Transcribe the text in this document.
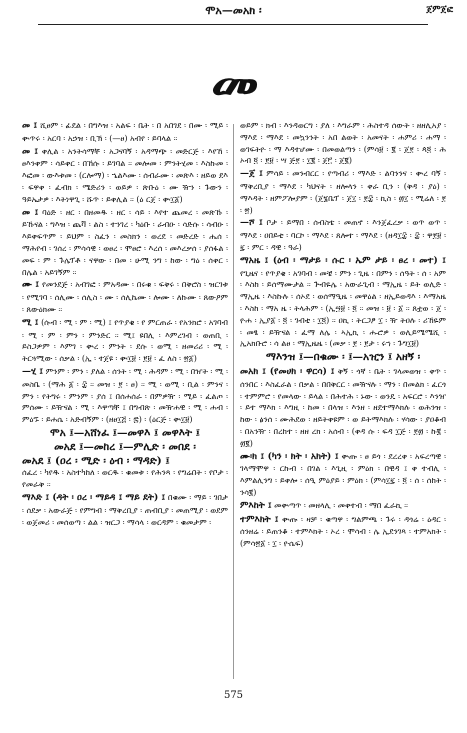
ሞአ—መአክ ፡	ጀምጀፎ
መ
መ ፤ ሺፀም ፡ ፊደል ፡ በግእዝ ፡ አልፍ ፡ ቤት ፡ በ አበገደ ፡ በሙ ፡ ሚይ ፡ ቍጥሩ ፡ አርባ ፡ አኃዝ ፡ ቢኽ ፡ (—ፀ) አብየ ፡ ይባላል ።
መ ፤ ቀሊል ፡ አንትሳማቸ ፡ አጋናባኝ ፡ አዳማጭ ፡ መድርጅ ፡ እየኸ ፡ ፀእንቀም ፡ ሳይቀር ፡ በኸሱ ፡ ይገባል ። መሎመ ፡ ምንትሂመ ፡ እስኩመ ፡ እፎመ ፡ ውእቱመ ፡ (ርሎማ) ፡ ኄልእሙ ፡ ሰብራሙ ፡ መጽእ ፡ ዘይወ ደእ ፡ ፍዋቀ ፡ ፈብክ ፡ ሜድሪን ፡ ወይዎ ፡ ጽቡዕ ፡ ሙ ዥን ፡ ጉውን ፡ ዓይኤታዎ ፡ እትነዋጊ ፡ ሹጥ ፡ ይቀሊል ። (ዕ ርጀ ፡ ቍ፲፩)
መ ፤ ባዕድ ፡ ዘር ፡ በዘመዱ ፡ ዘር ፡ ሳይ ፡ እየተ ጨመረ ፡ መጽኹ ፡ ይኹናል ፡ ግእዝ ፡ ጨቫ ፡ ልስ ፡ ተንገረ ፡ ካዕቡ ፡ ራብዑ ፡ ሳድሱ ፡ ሳብዑ ፡ እይቀፍጥም ፡ ይህም ፡ ስፈን ፡ መስክን ፡ ወረደ ፡ መድረድ ፡ ሔሰ ፡ ማሕየብ ፡ ገሰረ ፡ ምሳሳዊ ፡ ወፀረ ፡ ሞፀሮ ፡ እረሰ ፡ መእረቃሰ ፡ ያሰፋል ፡ መፍ ፡ ም ፡ ጉሌፕቶ ፡ ናዋው ፡ በመ ፡ ሁሚ ንግ ፡ ከው ፡ ግዕ ፡ ሰቀር ፡ በሌል ፡ አይገኝም ።
ሙ ፤ የመንደጅ ፡ አብገፎ ፡ ምአዳሙ ፡ በሩቁ ፡ ፍቅሩ ፡ በቅሮስ ፡ ዝርገቱ ፡ የሚገባ ፡ ሰሊሙ ፡ ሰሊስ ፡ ሙ ፡ ሰሊኬሙ ፡ ሎሙ ፡ ለኩሙ ፡ ጸውዖም ፡ ጸውዕክሙ ።
ሚ ፤ (ሱብ ፡ ሚ ፡ ም ፡ ሚ) ፤ የጥያቄ ፡ የ ምርጠራ ፡ የአንክሮ ፡ አገባብ ፡ ሚ ፡ ም ፡ ምን ፡ ምንድር ። ሚ፤ ዩበሊ ፡ እምረገብ ፡ ወጠቢ ፡ ይስጋዎም ፡ እምገ ፡ ቍረ ፡ ምንት ፡ ደሱ ፡ ወሚ ፡ ዘመሪሪ ፡ ሚ ፡ ትርጓሚው ፡ ሰቃል ፡ (ኢ ፡ ተጀዩ ፡ ቍ፲፱ ፡ ፻፱ ፡ ፈ ለስ ፡ ፳፩)
—ሂ ፤ ምንም ፡ ምን ፡ ያለል ፡ ሰንት ፡ ሚ ፡ ሕዳም ፡ ሚ ፡ በዠት ፡ ሚ ፡ መስቤ ፡ (ማሕ ፩ ፡ ፰ ። መዝ ፡ ፻ ፡ ፀ) ። ሚ ፡ ወሚ ፡ ቢል ፡ ምንና ፡ ምን ፡ የትግሩ ፡ ምንም ፡ ያሰ ፤ በሰሐሰራ ፡ በምዎዥ ፡ ሚይ ፡ ፈልጦ ፡ ምሰሙ ፡ ይዥናል ፡ ሚ ፡ እዋጣቸ ፤ በግብጽ ፡ መዥሐዊ ፡ ሚ ፡ ሐብ ፡ ምዕኙ ፡ ይሐሴ ፡ አድብኝም ፡ (ዘፀ፲፭ ፡ ፷) ፡ (ዕርጅ ፡ ቍ፲፱)
ሞአ ፤—አሸነፈ ፤—መዋእ ፤ መዋእት ፤
መአደ ፤—መከረ ፤—ምሊድ ፡ መበደ ፡
መአደ ፤ (ዐረ ፡ ሚድ ፡ ዕብ ፡ ማዳድ) ፤
ሰፈረ ፡ ካየዱ ፡ አስተካከለ ፡ ወርዱ ፡ ቁመቱ ፡ የሕንጻ ፡ የግሬበት ፡ የቦታ ፡ የመራቅ ።
ማእድ ፤ (ዳት ፡ ዐረ ፡ ማይዳ ፤ ማይ ደት) ፤ በቁሙ ፡ ማይ ፡ ገበታ ፡ ሰደቃ ፡ አውራጅ ፡ የምግብ ፡ ማቅረቢያ ፡ ጠብቢያ ፡ መጠሚያ ፡ ወደም ፡ ወጀመሪ ፡ መሰወጣ ፡ ልል ፡ ዝርጋ ፡ ማሳላ ፡ ወርዳም ፡ ቁመታም ፡
ወይም ፡ ክብ ፡ እንዳወርግ ፡ ያለ ፡ እግራም ፡ ሕስተዳ ሰውት ፡ ዘዘሊአያ ፡ ማእደ ፡ ማእደ ፡ መኳንንት ፡ አበ ልወት ፡ አመናት ፡ ሐምሪ ፡ ሐማ ፡ ወገፍትዮ ፡ ማ እዳተሆሙ ፡ በመወልጣን ፡ (ምሳ፱ ፡ ፪ ፡ ጀ፻ ፡ ጳ፬ ፡ ሕ ኦብ ፬ ፡ ፻፱ ፡ ሣ ጅ፻ ፡ ፲፪ ፡ ጀ፫ ፡ ጀ፪)
—ጀ ፤ ምሳይ ፡ መንብርር ፡ የጣብሪ ፡ ማእድ ፡ ልባንንና ፡ ቍረ ባኝ ፡ ማቅረቢያ ፡ ማእደ ፡ ካህናት ፡ ዘሎላን ፡ ቀራ ቢን ፡ (ቅዳ ፡ ያዕ) ፡ ማእዳት ፡ ዘምፖሎያም ፡ (ጀ፮ቤፕ ፡ ጀ፲ ፡ ፻፰ ፡ ኪስ ፡ ፴፲ ፡ ሚሬለ ፡ ፻ ፡ ፳)
—ሾ ፤ ቦታ ፡ ይማበ ፡ ሰብስቴ ፡ መጠኖ ፡ እንጀፈረቃ ፡ ወጥ ወጥ ፡ ማእደ ፡ ዐበይቲ ፡ ባርኮ ፡ ማእደ ፡ ጸሎተ ፡ ማእደ ፡ (ዘዳ፲፰ ፡ ፰ ፡ ዋ፻፱ ፡ ፯ ፡ ምር ፡ ዳዊ ፡ ዓራ)
ማአዜ ፤ (ዕብ ፡ ማታይ ፡ ሱር ፡ ኤም ታይ ፡ ፀረ ፡ መተ) ፤ የጊዜና ፡ የጥያቄ ፡ አገባብ ፡ መቼ ፡ ምን ፡ ጊዜ ፡ በምን ፡ ሰዓት ፡ ሰ ፡ አም ፡ እስከ ፡ ይሰማሙታል ። ጕብዬሌ ፡ አውራጊብ ፡ ማኢዜ ፡ ይት ወሊድ ፡ ማኢዜ ፡ እስኩሉ ፡ ሰኦደ ፡ ወሰማዒዜ ፡ መዋዕል ፡ ዘኢይወዳእ ፡ እማአዜ ፡ እስከ ፡ ማአ ዜ ፡ ትላሕም ፡ (ኢ፵፱ ፡ ፬ ። መዝ ፡ ፱ ፡ ፩ ። ጸቷወ ፡ ጀ ፡ ዮሐ ፡ ኢያ፩ ፡ ፬ ፡ ገብቲ ፡ ፲፬) ። ዐኪ ፡ ትርጋፆ ፲ ፡ ዥ ትዐሉ ፡ ሪኸዬም ፡ መፄ ፡ ይዥናል ፡ ፈማ ለሌ ፡ ኣኢኪ ፡ ሑሮዎ ፡ ወሊይሜሜሺ ፡ ኢአክቡሮ ፡ ሳ ልፀ ፡ ማኢዜዜ ፡ (መቃ ፡ ፻ ፡ ፻ታ ፡ ሩኀ ፡ ጉግ፲፱)
ማእንዝ ፤—በቁሙ ፡ ፤—አዢን ፤ አዘኝ ፡
መአክ ፤ (የመሀክ ፡ ዋርሳ) ፤ ቅኝ ፡ ጎኛ ፡ ቤት ፡ ገላመወዝ ፡ ቀጥ ፡ ሰንበር ፡ እስፈራል ፡ በቃል ፡ በበቅርር ፡ መዥናሉ ፡ ማን ፡ በመልክ ፡ ፈርጎ ፡ ተምምሮ ፡ የመላው ፡ ይላል ፡ በሕተሕ ፡ ኑው ፡ ወንዴ ፡ አፍርሮ ፡ እንዠ ፡ ይተ ማእክ ፡ እግዚ ፡ ከመ ፡ በላዝ ፡ እንዘ ፡ ዘደተማእክሉ ፡ ወሕንዝ ፡ ከው ፡ ፅንሰ ፡ ሙሕደወ ፡ ዘይትቀዩም ፡ ወ ይትማእክሉ ፡ ሃሳው ፡ ያዐቆብ ፡ በአንዥ ፡ በረከተ ፡ ዘዘ ረክ ፡ አሰብ ፡ (ቀዳ ሱ ፡ ፍዳ ፲ጅ ፡ ፻፴ ፡ ኩ፪ ፡ ፴፪)
ሙ፡ክ ፤ (ካን ፡ ክት ፡ አክት) ፤ ቍጡ ፡ ፀ ይጎ ፡ ደረረቀ ፡ አፍረጣዊ ፡ ገላማሞዋ ፡ ርኩብ ፡ በገል ፡ እጊዚ ፡ ምዕክ ፡ በዊዳ ፤ ቀ ተብሊ ፡ እምልሊንግ ፡ ይቀሎ ፡ ሰዒ ምዕያይ ፡ ምዕክ ፡ (ምሳ፲፯ ፡ ፬ ፡ ሰ ፡ ሰከት ፡ ንሳ፪)
ምእከት ፤ መቍጣጥ ፡ መዘላሊ ፡ መቀተብ ፡ ማበ ፈራኪ ።
ተምእክት ፤ ቍጡ ፡ ዛቻ ፡ ቁጣዋ ፡ ግልምጫ ፡ ጉሩ ፡ ዳጎሬ ፡ ዕዳር ፡ ሰንዘሬ ፡ ይጠንቆ ፡ ተምእክት ፡ ኦረ ፡ ሞሳብ ፡ ሌ ኢደንገጻ ፡ ተምአክት ፡ (ምሳ፳፩ ፡ ፲ ፡ ዮሴፍ)
575
